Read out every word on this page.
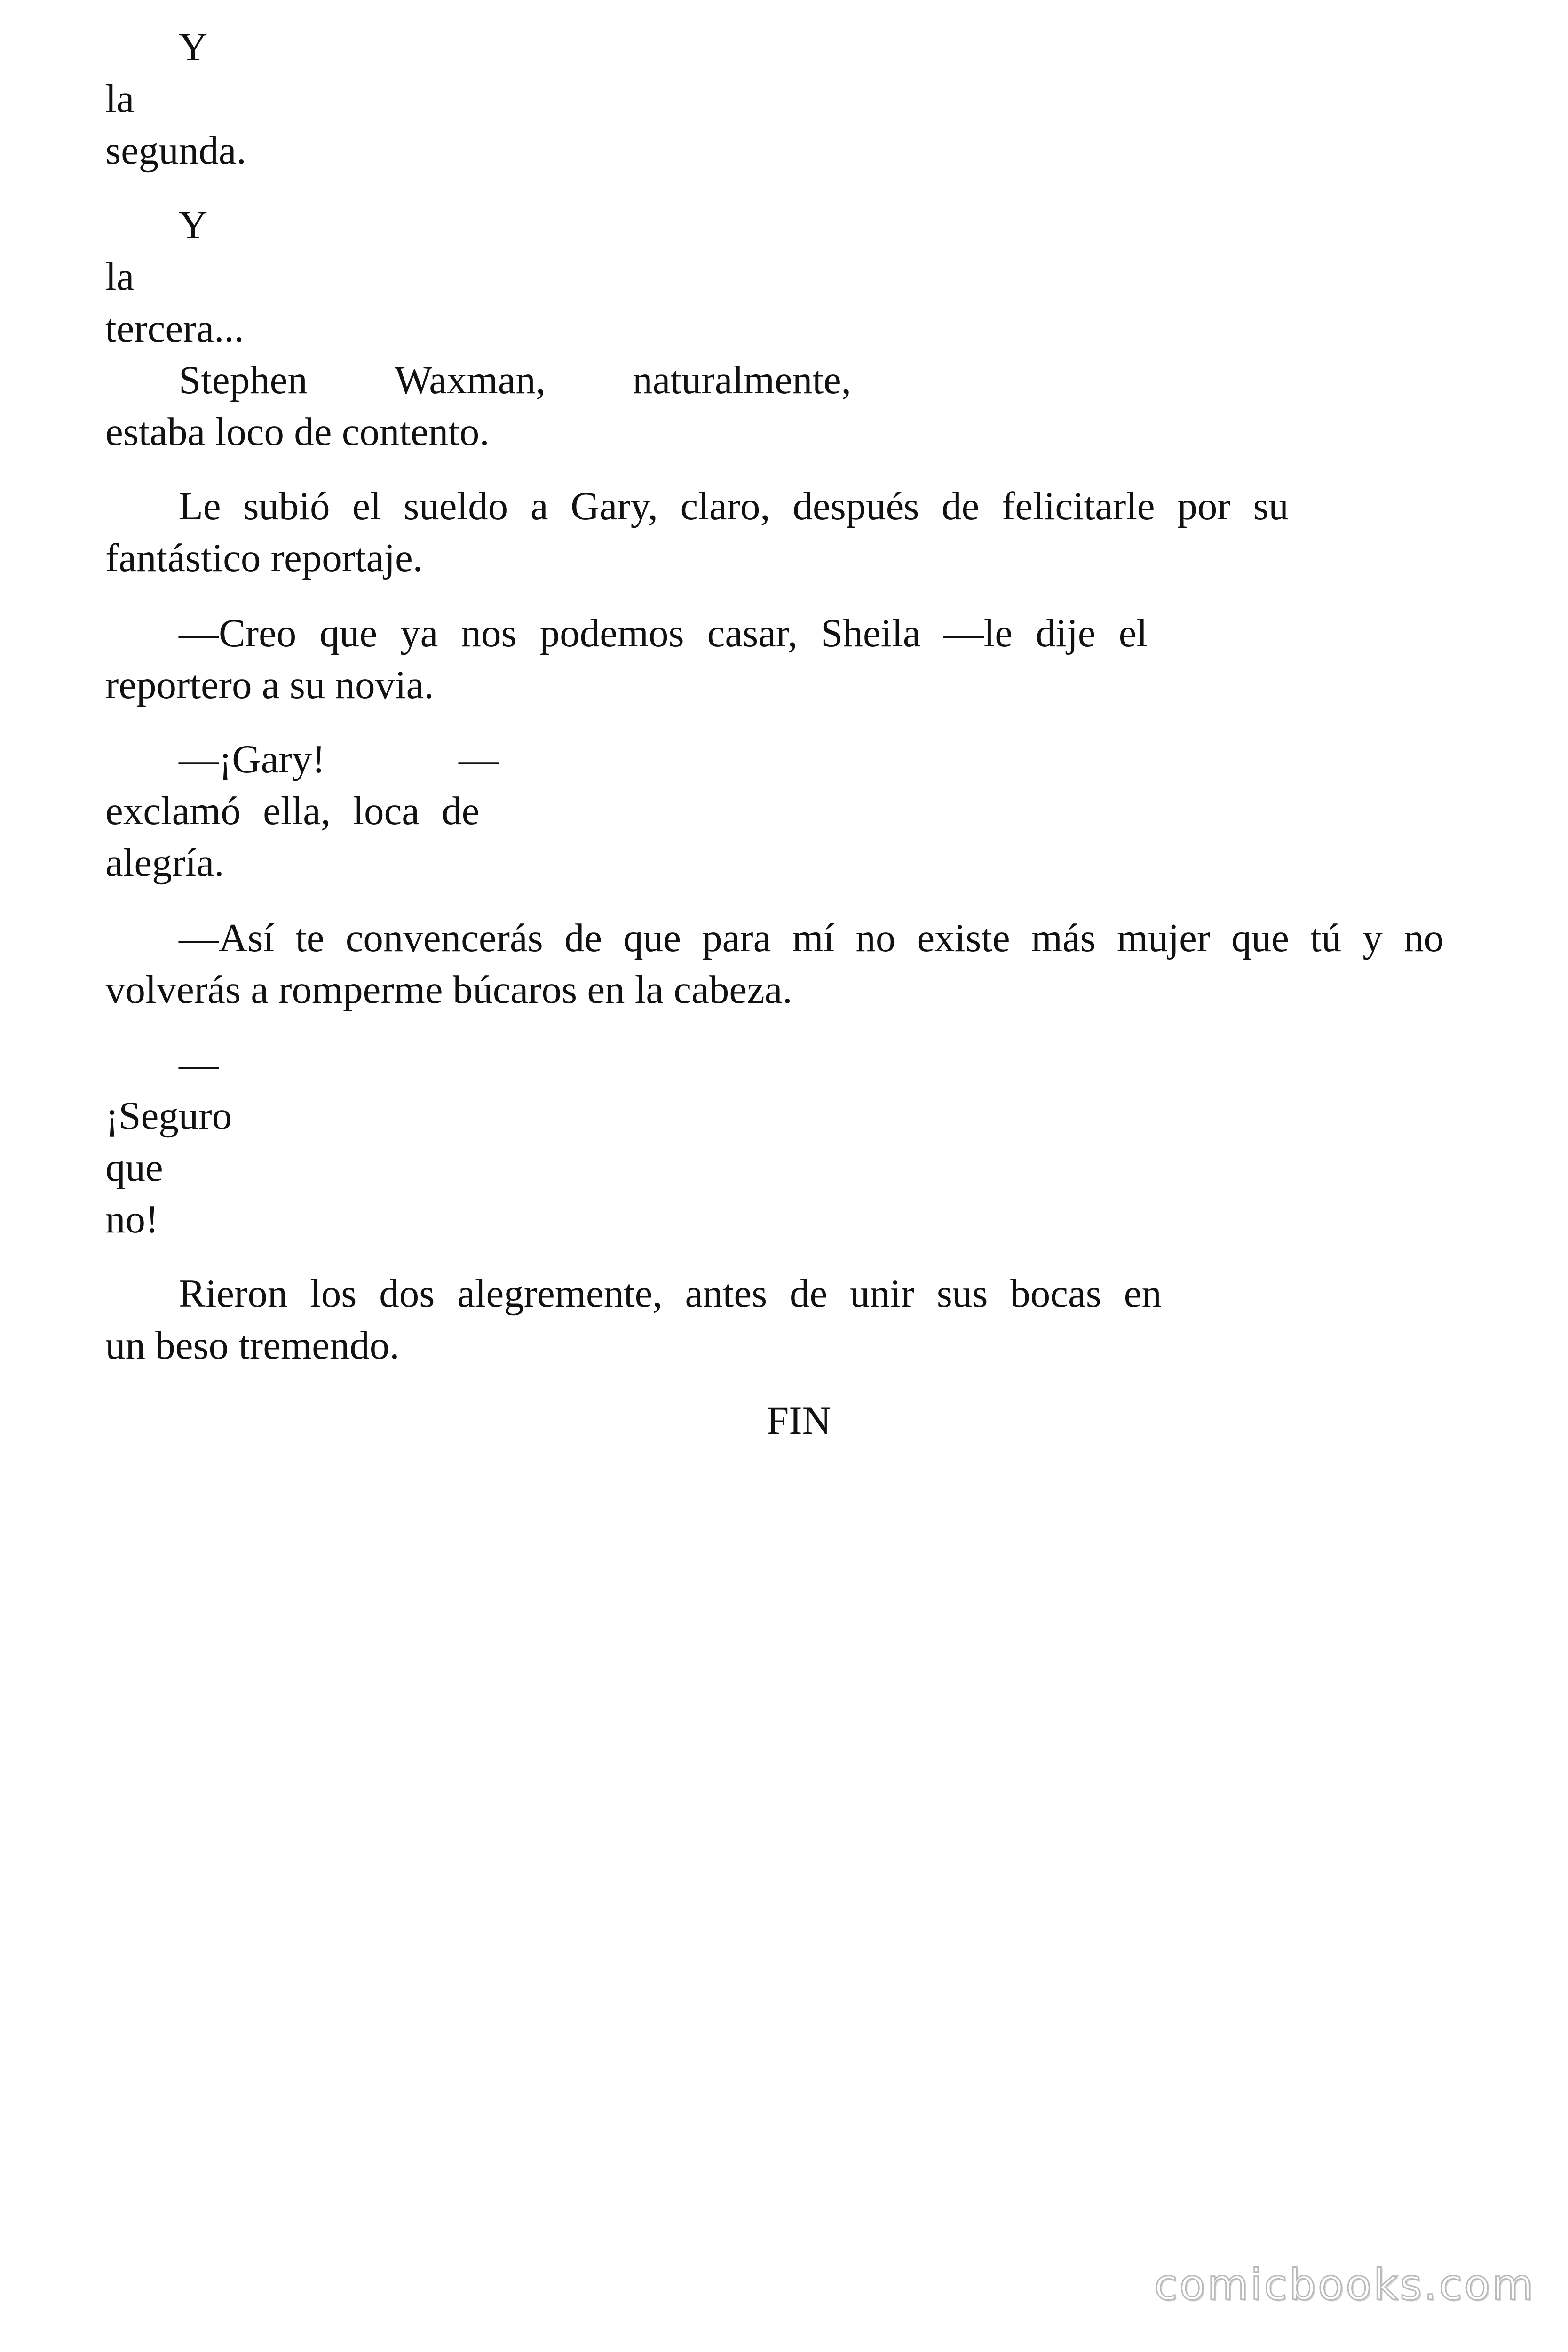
Y
la
segunda.
Y
la
tercera...
Stephen Waxman, naturalmente,
estaba loco de contento.
Le subió el sueldo a Gary, claro, después de felicitarle por su
fantástico reportaje.
—Creo que ya nos podemos casar, Sheila —le dije el
reportero a su novia.
—¡Gary!	—
exclamó ella, loca de
alegría.
—Así te convencerás de que para mí no existe más mujer que tú y no
volverás a romperme búcaros en la cabeza.
—
¡Seguro
que
no!
Rieron los dos alegremente, antes de unir sus bocas en
un beso tremendo.
FIN
comicbooks.com
